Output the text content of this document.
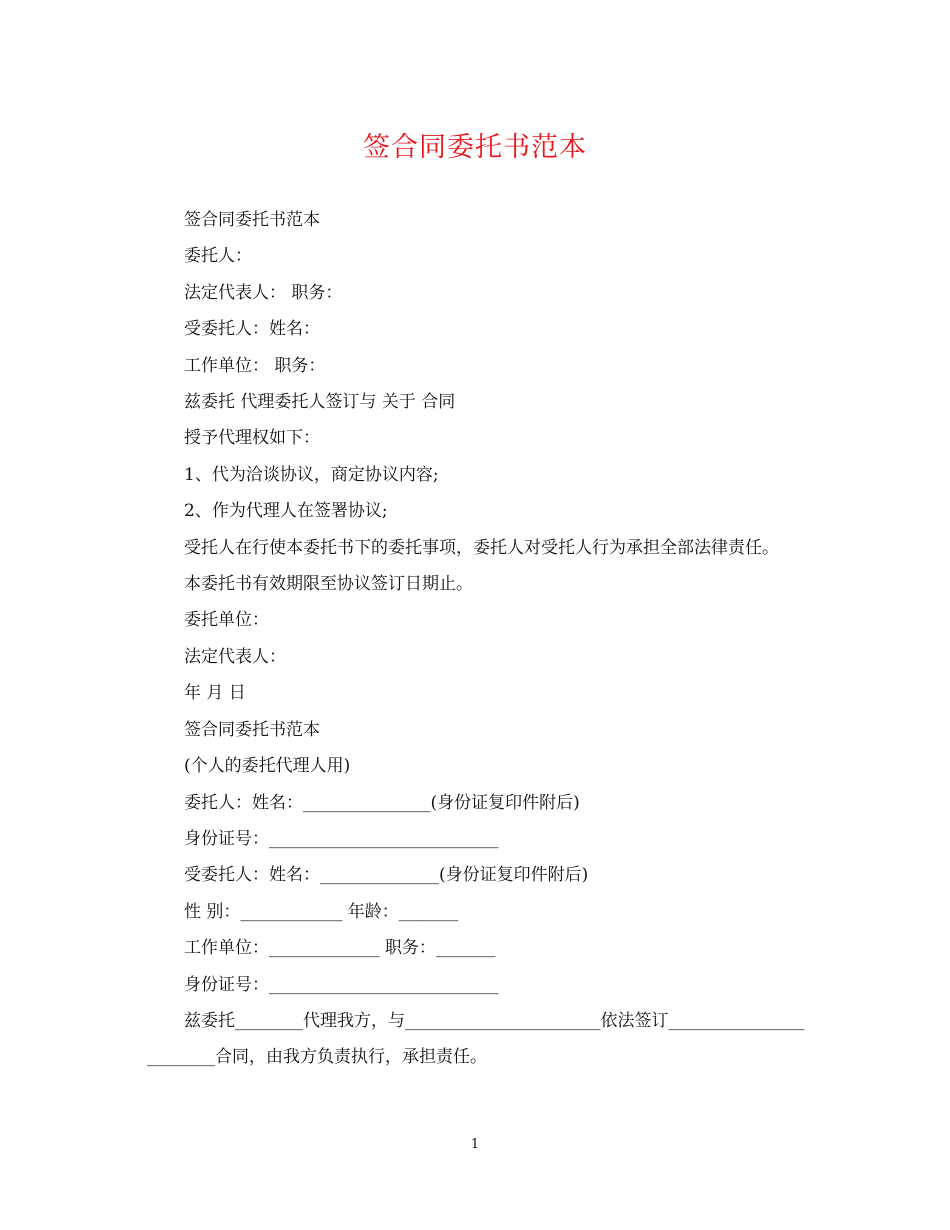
签合同委托书范本

签合同委托书范本

委托人：

法定代表人： 职务：

受委托人：姓名：

工作单位： 职务：

兹委托 代理委托人签订与 关于 合同

授予代理权如下：

1、代为洽谈协议，商定协议内容;

2、作为代理人在签署协议;

受托人在行使本委托书下的委托事项，委托人对受托人行为承担全部法律责任。

本委托书有效期限至协议签订日期止。

委托单位：

法定代表人：

年 月 日

签合同委托书范本

(个人的委托代理人用)

委托人：姓名：_______________(身份证复印件附后)

身份证号：___________________________

受委托人：姓名：______________(身份证复印件附后)

性 别：____________ 年龄：_______

工作单位：_____________ 职务：_______

身份证号：___________________________

兹委托________代理我方，与_______________________依法签订________________________合同，由我方负责执行，承担责任。

1
